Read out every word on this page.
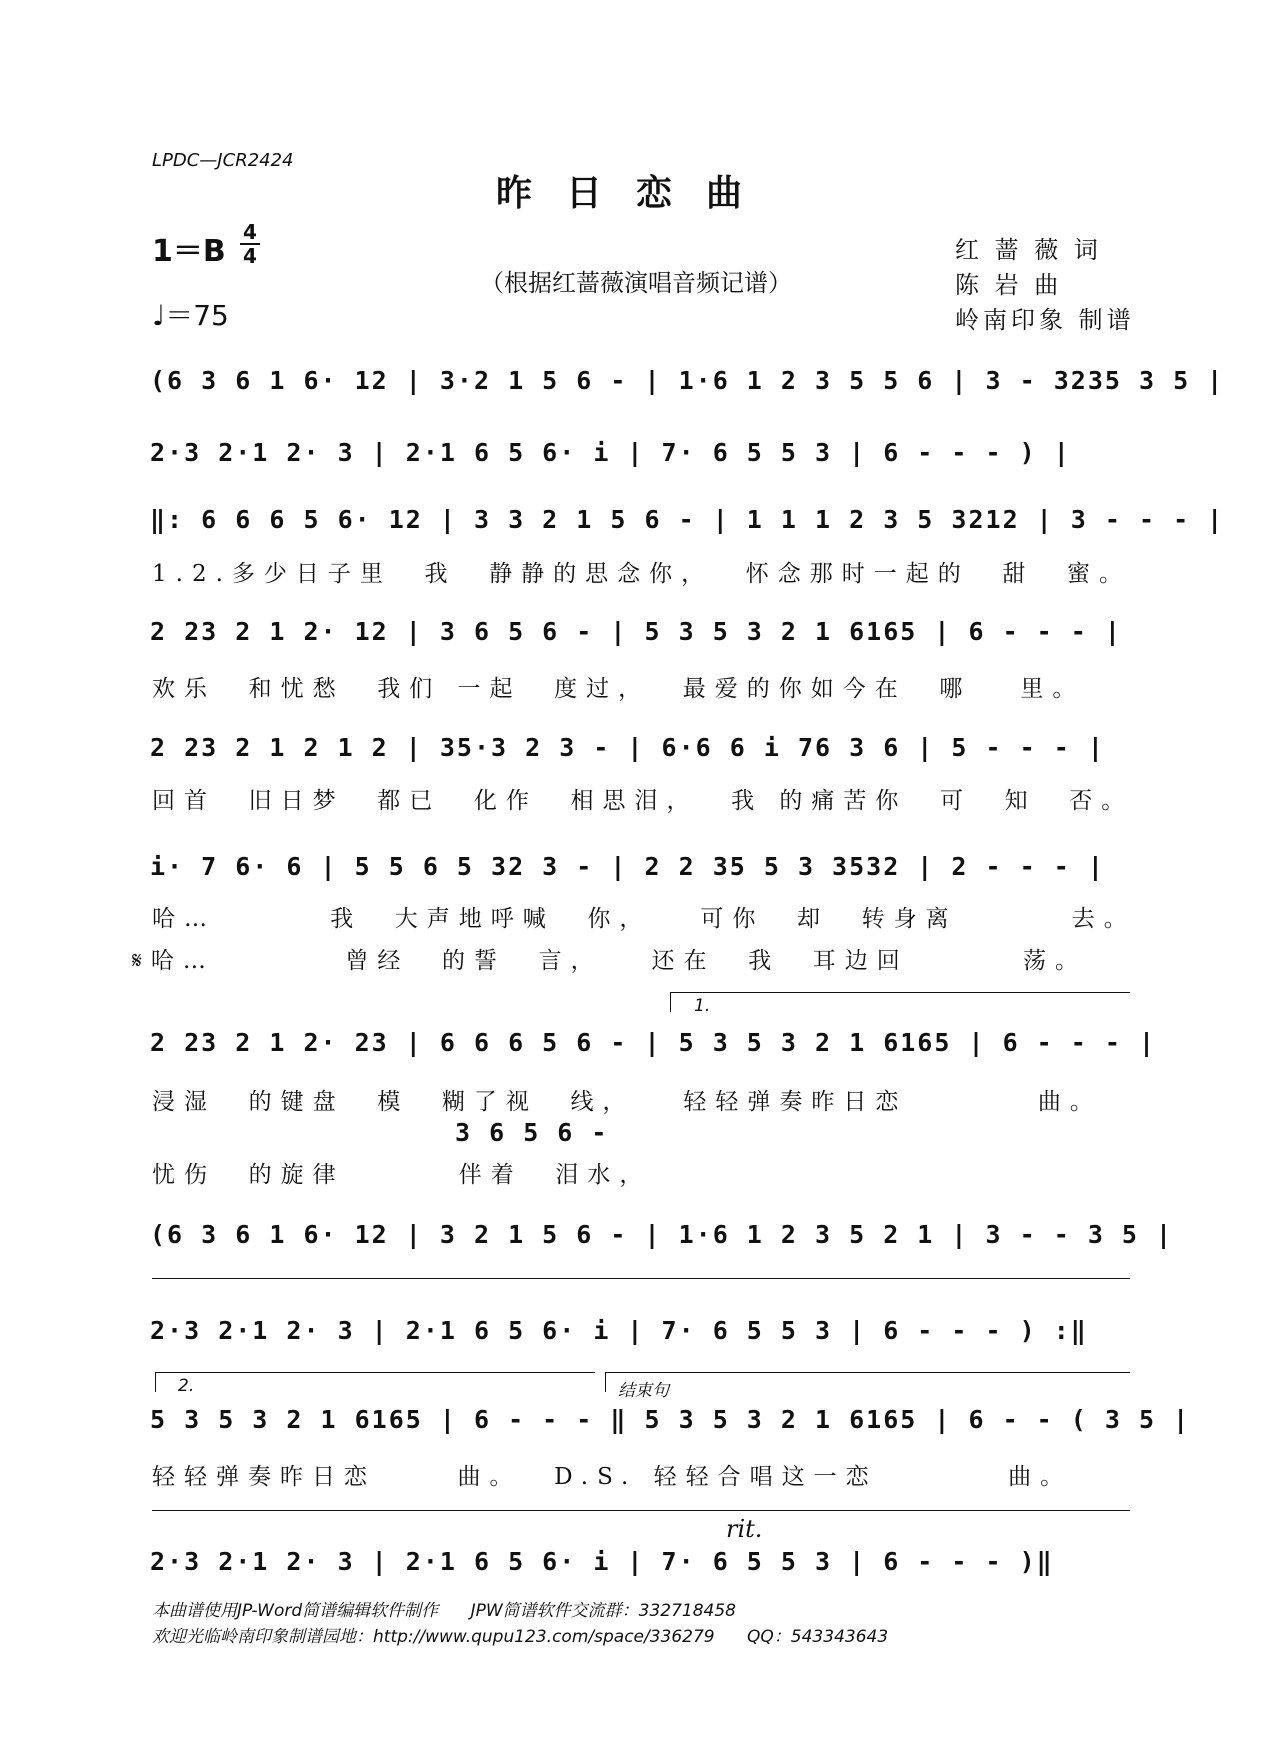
LPDC—JCR2424
昨日恋曲
1＝B
4
4
♩＝75
（根据红蔷薇演唱音频记谱）
红 蔷 薇 词
陈 岩 曲
岭南印象 制谱
(6 3 6 1 6· 12 | 3·2 1 5 6 - | 1·6 1 2 3 5 5 6 | 3 - 3235 3 5 |
2·3 2·1 2· 3 | 2·1 6 5 6· i | 7· 6 5 5 3 | 6 - - - ) |
‖: 6 6 6 5 6· 12 | 3 3 2 1 5 6 - | 1 1 1 2 3 5 3212 | 3 - - - |
1.2.多少日子里  我  静静的思念你，  怀念那时一起的  甜  蜜。
2 23 2 1 2· 12 | 3 6 5 6 - | 5 3 5 3 2 1 6165 | 6 - - - |
欢乐  和忧愁  我们 一起  度过，  最爱的你如今在  哪   里。
2 23 2 1 2 1 2 | 35·3 2 3 - | 6·6 6 i 76 3 6 | 5 - - - |
回首  旧日梦  都已  化作  相思泪，  我 的痛苦你  可  知  否。
i· 7 6· 6 | 5 5 6 5 32 3 - | 2 2 35 5 3 3532 | 2 - - - |
哈…       我  大声地呼喊  你，   可你  却  转身离       去。
𝄋哈…        曾经  的誓  言，   还在  我  耳边回       荡。
1.
2 23 2 1 2· 23 | 6 6 6 5 6 - | 5 3 5 3 2 1 6165 | 6 - - - |
浸湿  的键盘  模  糊了视  线，   轻轻弹奏昨日恋        曲。
3 6 5 6 -
忧伤  的旋律       伴着  泪水，
(6 3 6 1 6· 12 | 3 2 1 5 6 - | 1·6 1 2 3 5 2 1 | 3 - - 3 5 |
2·3 2·1 2· 3 | 2·1 6 5 6· i | 7· 6 5 5 3 | 6 - - - ) :‖
2.	结束句
5 3 5 3 2 1 6165 | 6 - - - ‖ 5 3 5 3 2 1 6165 | 6 - - ( 3 5 |
轻轻弹奏昨日恋     曲。  D.S. 轻轻合唱这一恋        曲。
rit.
2·3 2·1 2· 3 | 2·1 6 5 6· i | 7· 6 5 5 3 | 6 - - - )‖
本曲谱使用JP-Word简谱编辑软件制作      JPW简谱软件交流群：332718458
欢迎光临岭南印象制谱园地：http://www.qupu123.com/space/336279      QQ：543343643
